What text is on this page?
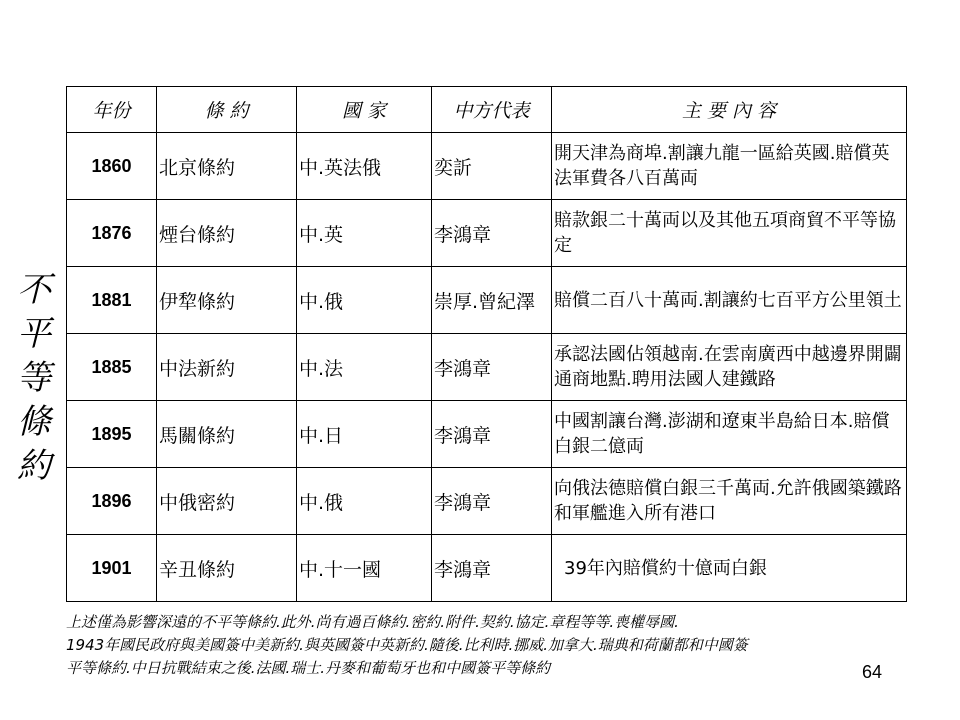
不
平
等
條
約
年份	條 約	國 家	中方代表	主 要 內 容
1860	北京條約	中.英法俄	奕訢	開天津為商埠.割讓九龍一區給英國.賠償英法軍費各八百萬両
1876	煙台條約	中.英	李鴻章	賠款銀二十萬両以及其他五項商貿不平等協定
1881	伊犂條約	中.俄	崇厚.曾紀澤	賠償二百八十萬両.割讓約七百平方公里領土
1885	中法新約	中.法	李鴻章	承認法國佔領越南.在雲南廣西中越邊界開闢通商地點.聘用法國人建鐵路
1895	馬關條約	中.日	李鴻章	中國割讓台灣.澎湖和遼東半島給日本.賠償白銀二億両
1896	中俄密約	中.俄	李鴻章	向俄法德賠償白銀三千萬両.允許俄國築鐵路和軍艦進入所有港口
1901	辛丑條約	中.十一國	李鴻章	39年內賠償約十億両白銀
上述僅為影響深遠的不平等條約.此外.尚有過百條約.密約.附件.契約.協定.章程等等.喪權辱國.
1943年國民政府與美國簽中美新約.與英國簽中英新約.隨後.比利時.挪威.加拿大.瑞典和荷蘭都和中國簽
平等條約.中日抗戰結束之後.法國.瑞士.丹麥和葡萄牙也和中國簽平等條約	64
